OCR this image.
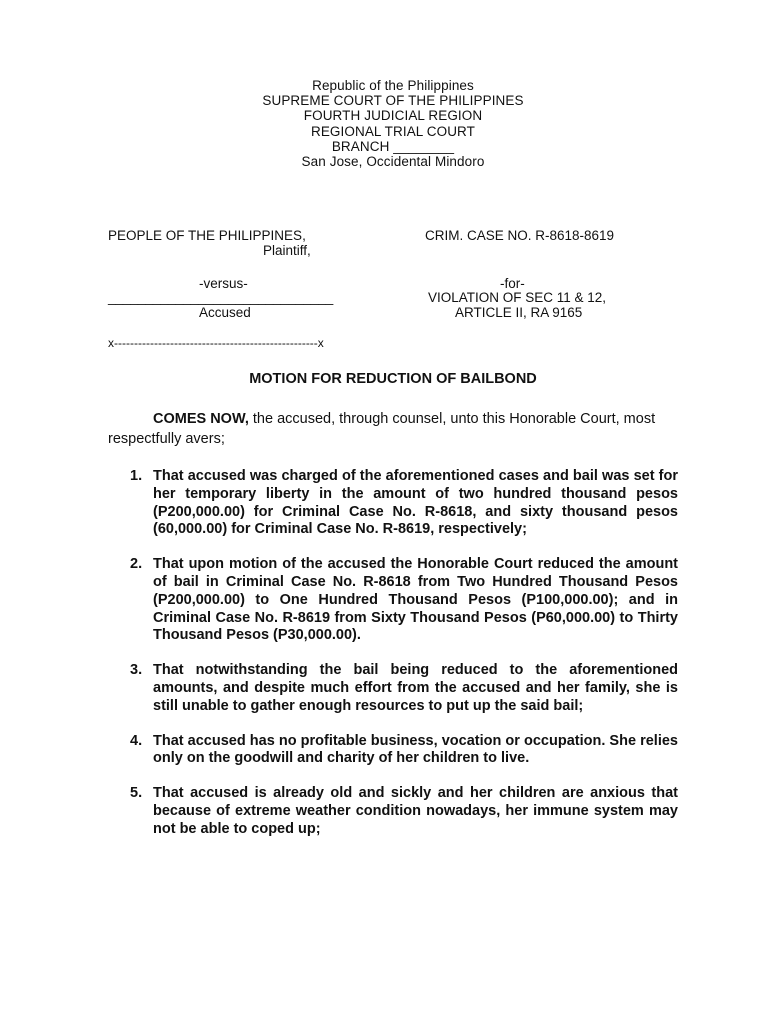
Republic of the Philippines
SUPREME COURT OF THE PHILIPPINES
FOURTH JUDICIAL REGION
REGIONAL TRIAL COURT
BRANCH ________
San Jose, Occidental Mindoro
PEOPLE OF THE PHILIPPINES,
Plaintiff,
-versus-
______________________________
Accused
x---------------------------------------------------x
CRIM. CASE NO. R-8618-8619
-for-
VIOLATION OF SEC 11 & 12,
ARTICLE II, RA 9165
MOTION FOR REDUCTION OF BAILBOND
COMES NOW, the accused, through counsel, unto this Honorable Court, most respectfully avers;
1. That accused was charged of the aforementioned cases and bail was set for her temporary liberty in the amount of two hundred thousand pesos (P200,000.00) for Criminal Case No. R-8618, and sixty thousand pesos (60,000.00) for Criminal Case No. R-8619, respectively;
2. That upon motion of the accused the Honorable Court reduced the amount of bail in Criminal Case No. R-8618 from Two Hundred Thousand Pesos (P200,000.00) to One Hundred Thousand Pesos (P100,000.00); and in Criminal Case No. R-8619 from Sixty Thousand Pesos (P60,000.00) to Thirty Thousand Pesos (P30,000.00).
3. That notwithstanding the bail being reduced to the aforementioned amounts, and despite much effort from the accused and her family, she is still unable to gather enough resources to put up the said bail;
4. That accused has no profitable business, vocation or occupation. She relies only on the goodwill and charity of her children to live.
5. That accused is already old and sickly and her children are anxious that because of extreme weather condition nowadays, her immune system may not be able to coped up;
